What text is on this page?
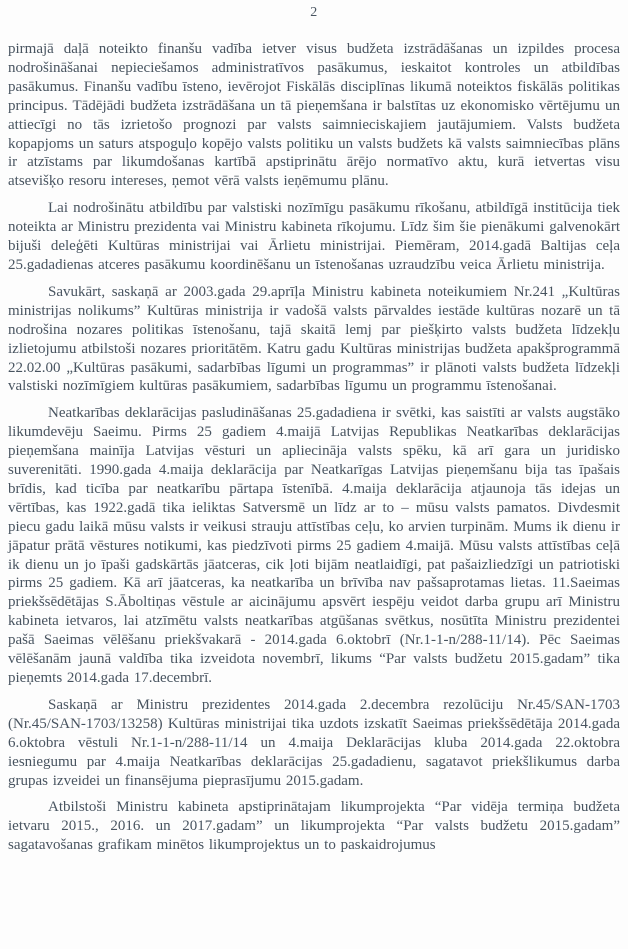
2

pirmajā daļā noteikto finanšu vadība ietver visus budžeta izstrādāšanas un izpildes procesa nodrošināšanai nepieciešamos administratīvos pasākumus, ieskaitot kontroles un atbildības pasākumus. Finanšu vadību īsteno, ievērojot Fiskālās disciplīnas likumā noteiktos fiskālās politikas principus. Tādējādi budžeta izstrādāšana un tā pieņemšana ir balstītas uz ekonomisko vērtējumu un attiecīgi no tās izrietošo prognozi par valsts saimnieciskajiem jautājumiem. Valsts budžeta kopapjoms un saturs atspoguļo kopējo valsts politiku un valsts budžets kā valsts saimniecības plāns ir atzīstams par likumdošanas kartībā apstiprinātu ārējo normatīvo aktu, kurā ietvertas visu atsevišķo resoru intereses, ņemot vērā valsts ieņēmumu plānu.

Lai nodrošinātu atbildību par valstiski nozīmīgu pasākumu rīkošanu, atbildīgā institūcija tiek noteikta ar Ministru prezidenta vai Ministru kabineta rīkojumu. Līdz šim šie pienākumi galvenokārt bijuši deleģēti Kultūras ministrijai vai Ārlietu ministrijai. Piemēram, 2014.gadā Baltijas ceļa 25.gadadienas atceres pasākumu koordinēšanu un īstenošanas uzraudzību veica Ārlietu ministrija.

Savukārt, saskaņā ar 2003.gada 29.aprīļa Ministru kabineta noteikumiem Nr.241 „Kultūras ministrijas nolikums” Kultūras ministrija ir vadošā valsts pārvaldes iestāde kultūras nozarē un tā nodrošina nozares politikas īstenošanu, tajā skaitā lemj par piešķirto valsts budžeta līdzekļu izlietojumu atbilstoši nozares prioritātēm. Katru gadu Kultūras ministrijas budžeta apakšprogrammā 22.02.00 „Kultūras pasākumi, sadarbības līgumi un programmas” ir plānoti valsts budžeta līdzekļi valstiski nozīmīgiem kultūras pasākumiem, sadarbības līgumu un programmu īstenošanai.

Neatkarības deklarācijas pasludināšanas 25.gadadiena ir svētki, kas saistīti ar valsts augstāko likumdevēju Saeimu. Pirms 25 gadiem 4.maijā Latvijas Republikas Neatkarības deklarācijas pieņemšana mainīja Latvijas vēsturi un apliecināja valsts spēku, kā arī gara un juridisko suverenitāti. 1990.gada 4.maija deklarācija par Neatkarīgas Latvijas pieņemšanu bija tas īpašais brīdis, kad ticība par neatkarību pārtapa īstenībā. 4.maija deklarācija atjaunoja tās idejas un vērtības, kas 1922.gadā tika ieliktas Satversmē un līdz ar to – mūsu valsts pamatos. Divdesmit piecu gadu laikā mūsu valsts ir veikusi strauju attīstības ceļu, ko arvien turpinām. Mums ik dienu ir jāpatur prātā vēstures notikumi, kas piedzīvoti pirms 25 gadiem 4.maijā. Mūsu valsts attīstības ceļā ik dienu un jo īpaši gadskārtās jāatceras, cik ļoti bijām neatlaidīgi, pat pašaizliedzīgi un patriotiski pirms 25 gadiem. Kā arī jāatceras, ka neatkarība un brīvība nav pašsaprotamas lietas. 11.Saeimas priekšsēdētājas S.Āboltiņas vēstule ar aicinājumu apsvērt iespēju veidot darba grupu arī Ministru kabineta ietvaros, lai atzīmētu valsts neatkarības atgūšanas svētkus, nosūtīta Ministru prezidentei pašā Saeimas vēlēšanu priekšvakarā - 2014.gada 6.oktobrī (Nr.1-1-n/288-11/14). Pēc Saeimas vēlēšanām jaunā valdība tika izveidota novembrī, likums “Par valsts budžetu 2015.gadam” tika pieņemts 2014.gada 17.decembrī.

Saskaņā ar Ministru prezidentes 2014.gada 2.decembra rezolūciju Nr.45/SAN-1703 (Nr.45/SAN-1703/13258) Kultūras ministrijai tika uzdots izskatīt Saeimas priekšsēdētāja 2014.gada 6.oktobra vēstuli Nr.1-1-n/288-11/14 un 4.maija Deklarācijas kluba 2014.gada 22.oktobra iesniegumu par 4.maija Neatkarības deklarācijas 25.gadadienu, sagatavot priekšlikumus darba grupas izveidei un finansējuma pieprasījumu 2015.gadam.

Atbilstoši Ministru kabineta apstiprinātajam likumprojekta “Par vidēja termiņa budžeta ietvaru 2015., 2016. un 2017.gadam” un likumprojekta “Par valsts budžetu 2015.gadam” sagatavošanas grafikam minētos likumprojektus un to paskaidrojumus
